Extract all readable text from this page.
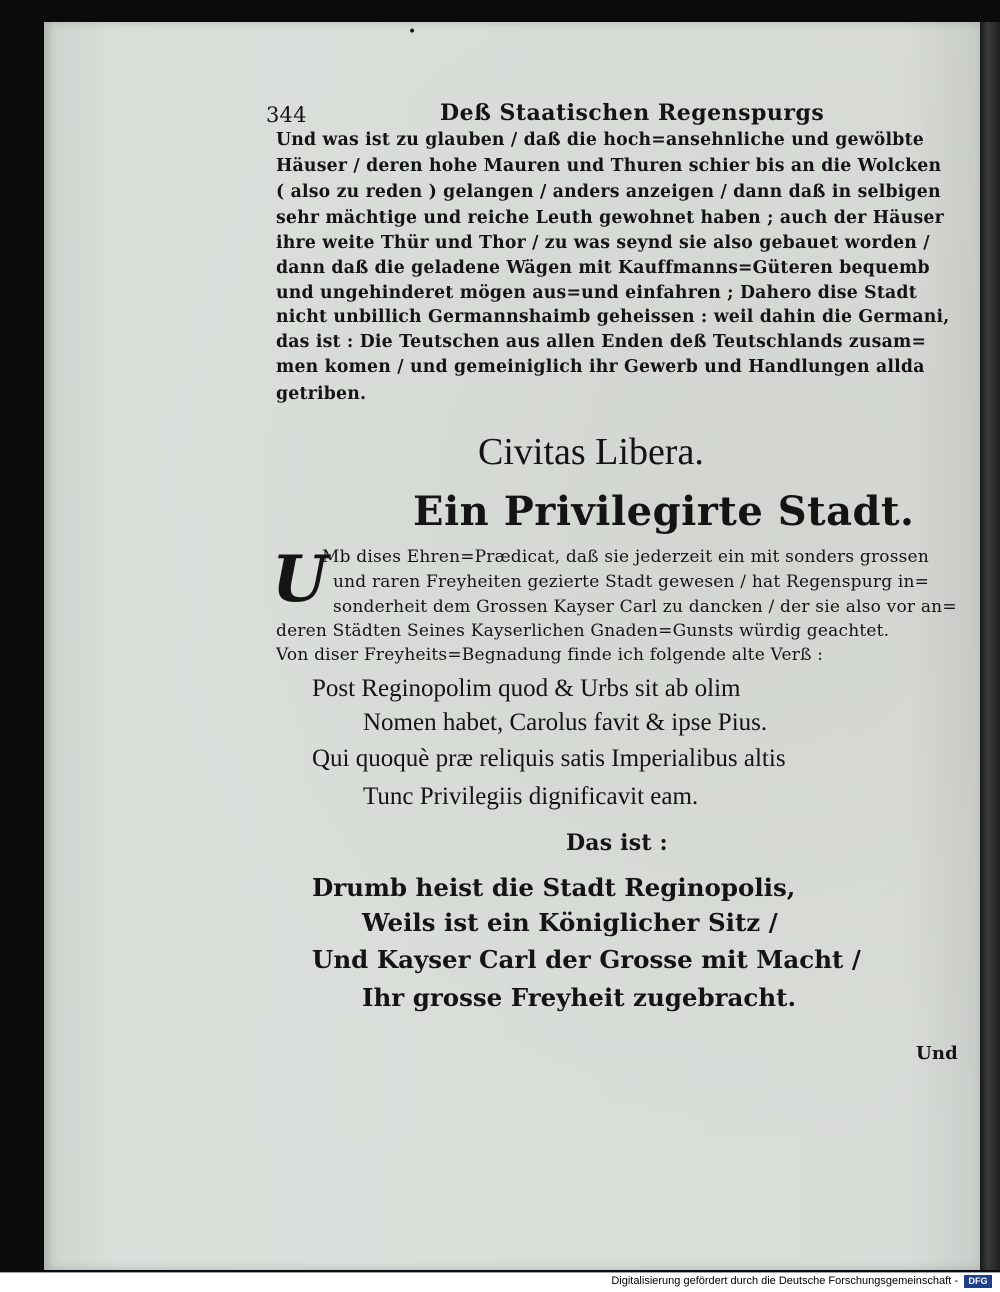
•
344	Deß Staatischen Regenspurgs
Und was ist zu glauben / daß die hoch=ansehnliche und gewölbte
Häuser / deren hohe Mauren und Thuren schier bis an die Wolcken
( also zu reden ) gelangen / anders anzeigen / dann daß in selbigen
sehr mächtige und reiche Leuth gewohnet haben ; auch der Häuser
ihre weite Thür und Thor / zu was seynd sie also gebauet worden /
dann daß die geladene Wägen mit Kauffmanns=Güteren bequemb
und ungehinderet mögen aus=und einfahren ; Dahero dise Stadt
nicht unbillich Germannshaimb geheissen : weil dahin die Germani,
das ist : Die Teutschen aus allen Enden deß Teutschlands zusam=
men komen / und gemeiniglich ihr Gewerb und Handlungen allda
getriben.
Civitas Libera.
Ein Privilegirte Stadt.
U
Mb dises Ehren=Prædicat, daß sie jederzeit ein mit sonders grossen
und raren Freyheiten gezierte Stadt gewesen / hat Regenspurg in=
sonderheit dem Grossen Kayser Carl zu dancken / der sie also vor an=
deren Städten Seines Kayserlichen Gnaden=Gunsts würdig geachtet.
Von diser Freyheits=Begnadung finde ich folgende alte Verß :
Post Reginopolim quod & Urbs sit ab olim
Nomen habet, Carolus favit & ipse Pius.
Qui quoquè præ reliquis satis Imperialibus altis
Tunc Privilegiis dignificavit eam.
Das ist :
Drumb heist die Stadt Reginopolis,
Weils ist ein Königlicher Sitz /
Und Kayser Carl der Grosse mit Macht /
Ihr grosse Freyheit zugebracht.
Und
Digitalisierung gefördert durch die Deutsche Forschungsgemeinschaft -	DFG
